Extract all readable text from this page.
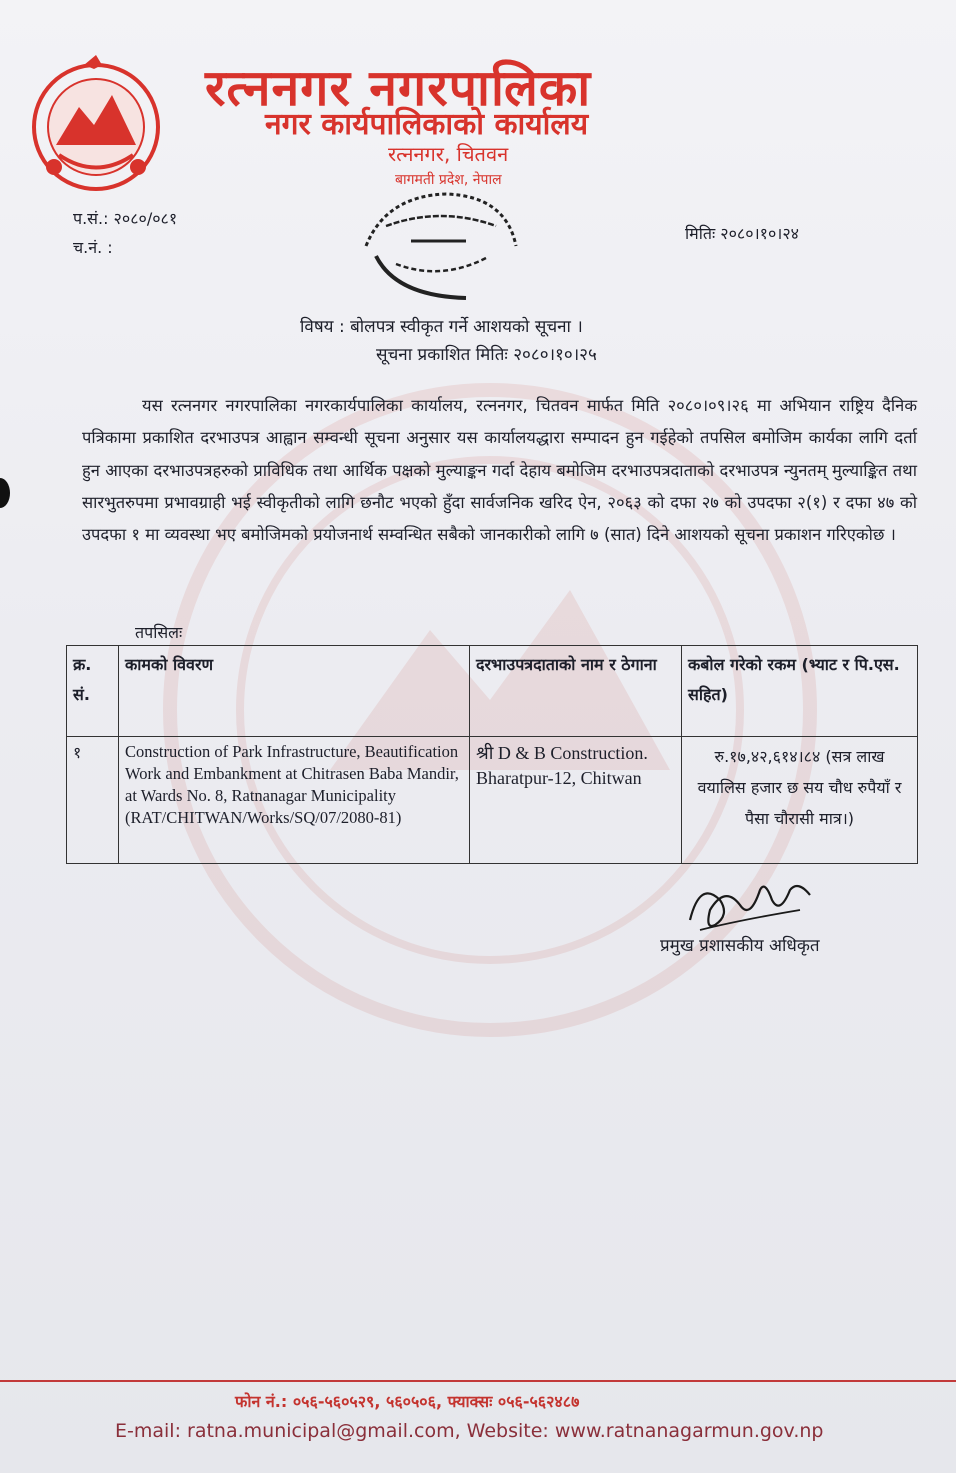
रत्ननगर नगरपालिका
नगर कार्यपालिकाको कार्यालय
रत्ननगर, चितवन
बागमती प्रदेश, नेपाल
प.सं.: २०८०/०८१
च.नं. :
मितिः २०८०।१०।२४
विषय : बोलपत्र स्वीकृत गर्ने आशयको सूचना ।
सूचना प्रकाशित मितिः २०८०।१०।२५
यस रत्ननगर नगरपालिका नगरकार्यपालिका कार्यालय, रत्ननगर, चितवन मार्फत मिति २०८०।०९।२६ मा अभियान राष्ट्रिय दैनिक पत्रिकामा प्रकाशित दरभाउपत्र आह्वान सम्वन्धी सूचना अनुसार यस कार्यालयद्धारा सम्पादन हुन गईहेको तपसिल बमोजिम कार्यका लागि दर्ता हुन आएका दरभाउपत्रहरुको प्राविधिक तथा आर्थिक पक्षको मुल्याङ्कन गर्दा देहाय बमोजिम दरभाउपत्रदाताको दरभाउपत्र न्युनतम् मुल्याङ्कित तथा सारभुतरुपमा प्रभावग्राही भई स्वीकृतीको लागि छनौट भएको हुँदा सार्वजनिक खरिद ऐन, २०६३ को दफा २७ को उपदफा २(१) र दफा ४७ को उपदफा १ मा व्यवस्था भए बमोजिमको प्रयोजनार्थ सम्वन्धित सबैको जानकारीको लागि ७ (सात) दिने आशयको सूचना प्रकाशन गरिएकोछ ।
तपसिलः
क्र. सं.	कामको विवरण	दरभाउपत्रदाताको नाम र ठेगाना	कबोल गरेको रकम (भ्याट र पि.एस. सहित)
१	Construction of Park Infrastructure, Beautification Work and Embankment at Chitrasen Baba Mandir, at Wards No. 8, Ratnanagar Municipality (RAT/CHITWAN/Works/SQ/07/2080-81)	श्री D & B Construction. Bharatpur-12, Chitwan	रु.१७,४२,६१४।८४ (सत्र लाख वयालिस हजार छ सय चौध रुपैयाँ र पैसा चौरासी मात्र।)
प्रमुख प्रशासकीय अधिकृत
फोन नं.: ०५६-५६०५२९, ५६०५०६, फ्याक्सः ०५६-५६२४८७
E-mail: ratna.municipal@gmail.com, Website: www.ratnanagarmun.gov.np
